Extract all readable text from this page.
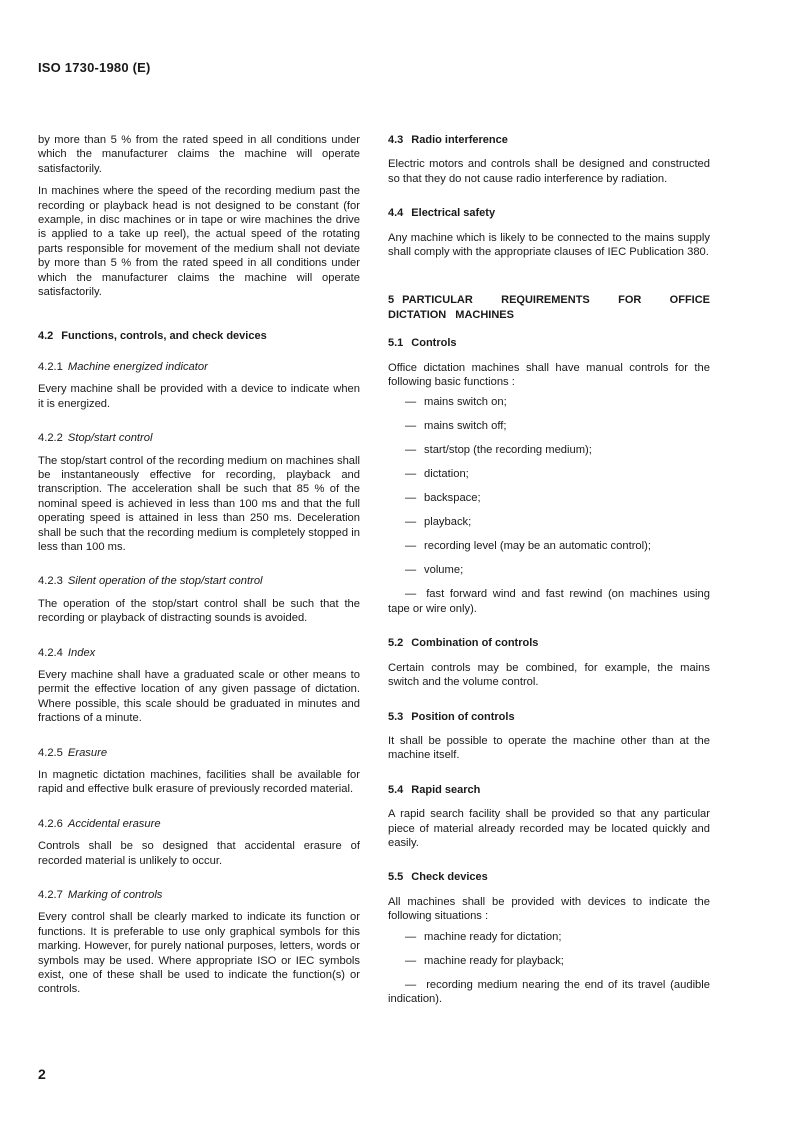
ISO 1730-1980 (E)

by more than 5 % from the rated speed in all conditions under which the manufacturer claims the machine will operate satisfactorily.

In machines where the speed of the recording medium past the recording or playback head is not designed to be constant (for example, in disc machines or in tape or wire machines the drive is applied to a take up reel), the actual speed of the rotating parts responsible for movement of the medium shall not deviate by more than 5 % from the rated speed in all conditions under which the manufacturer claims the machine will operate satisfactorily.

4.2 Functions, controls, and check devices
4.2.1 Machine energized indicator

Every machine shall be provided with a device to indicate when it is energized.

4.2.2 Stop/start control

The stop/start control of the recording medium on machines shall be instantaneously effective for recording, playback and transcription. The acceleration shall be such that 85 % of the nominal speed is achieved in less than 100 ms and that the full operating speed is attained in less than 250 ms. Deceleration shall be such that the recording medium is completely stopped in less than 100 ms.

4.2.3 Silent operation of the stop/start control

The operation of the stop/start control shall be such that the recording or playback of distracting sounds is avoided.

4.2.4 Index

Every machine shall have a graduated scale or other means to permit the effective location of any given passage of dictation. Where possible, this scale should be graduated in minutes and fractions of a minute.

4.2.5 Erasure

In magnetic dictation machines, facilities shall be available for rapid and effective bulk erasure of previously recorded material.

4.2.6 Accidental erasure

Controls shall be so designed that accidental erasure of recorded material is unlikely to occur.

4.2.7 Marking of controls

Every control shall be clearly marked to indicate its function or functions. It is preferable to use only graphical symbols for this marking. However, for purely national purposes, letters, words or symbols may be used. Where appropriate ISO or IEC symbols exist, one of these shall be used to indicate the function(s) or controls.

4.3 Radio interference

Electric motors and controls shall be designed and constructed so that they do not cause radio interference by radiation.

4.4 Electrical safety

Any machine which is likely to be connected to the mains supply shall comply with the appropriate clauses of IEC Publication 380.

5 PARTICULAR REQUIREMENTS FOR OFFICE DICTATION MACHINES
5.1 Controls

Office dictation machines shall have manual controls for the following basic functions :

— mains switch on;
— mains switch off;
— start/stop (the recording medium);
— dictation;
— backspace;
— playback;
— recording level (may be an automatic control);
— volume;
— fast forward wind and fast rewind (on machines using tape or wire only).
5.2 Combination of controls

Certain controls may be combined, for example, the mains switch and the volume control.

5.3 Position of controls

It shall be possible to operate the machine other than at the machine itself.

5.4 Rapid search

A rapid search facility shall be provided so that any particular piece of material already recorded may be located quickly and easily.

5.5 Check devices

All machines shall be provided with devices to indicate the following situations :

— machine ready for dictation;
— machine ready for playback;
— recording medium nearing the end of its travel (audible indication).
2
